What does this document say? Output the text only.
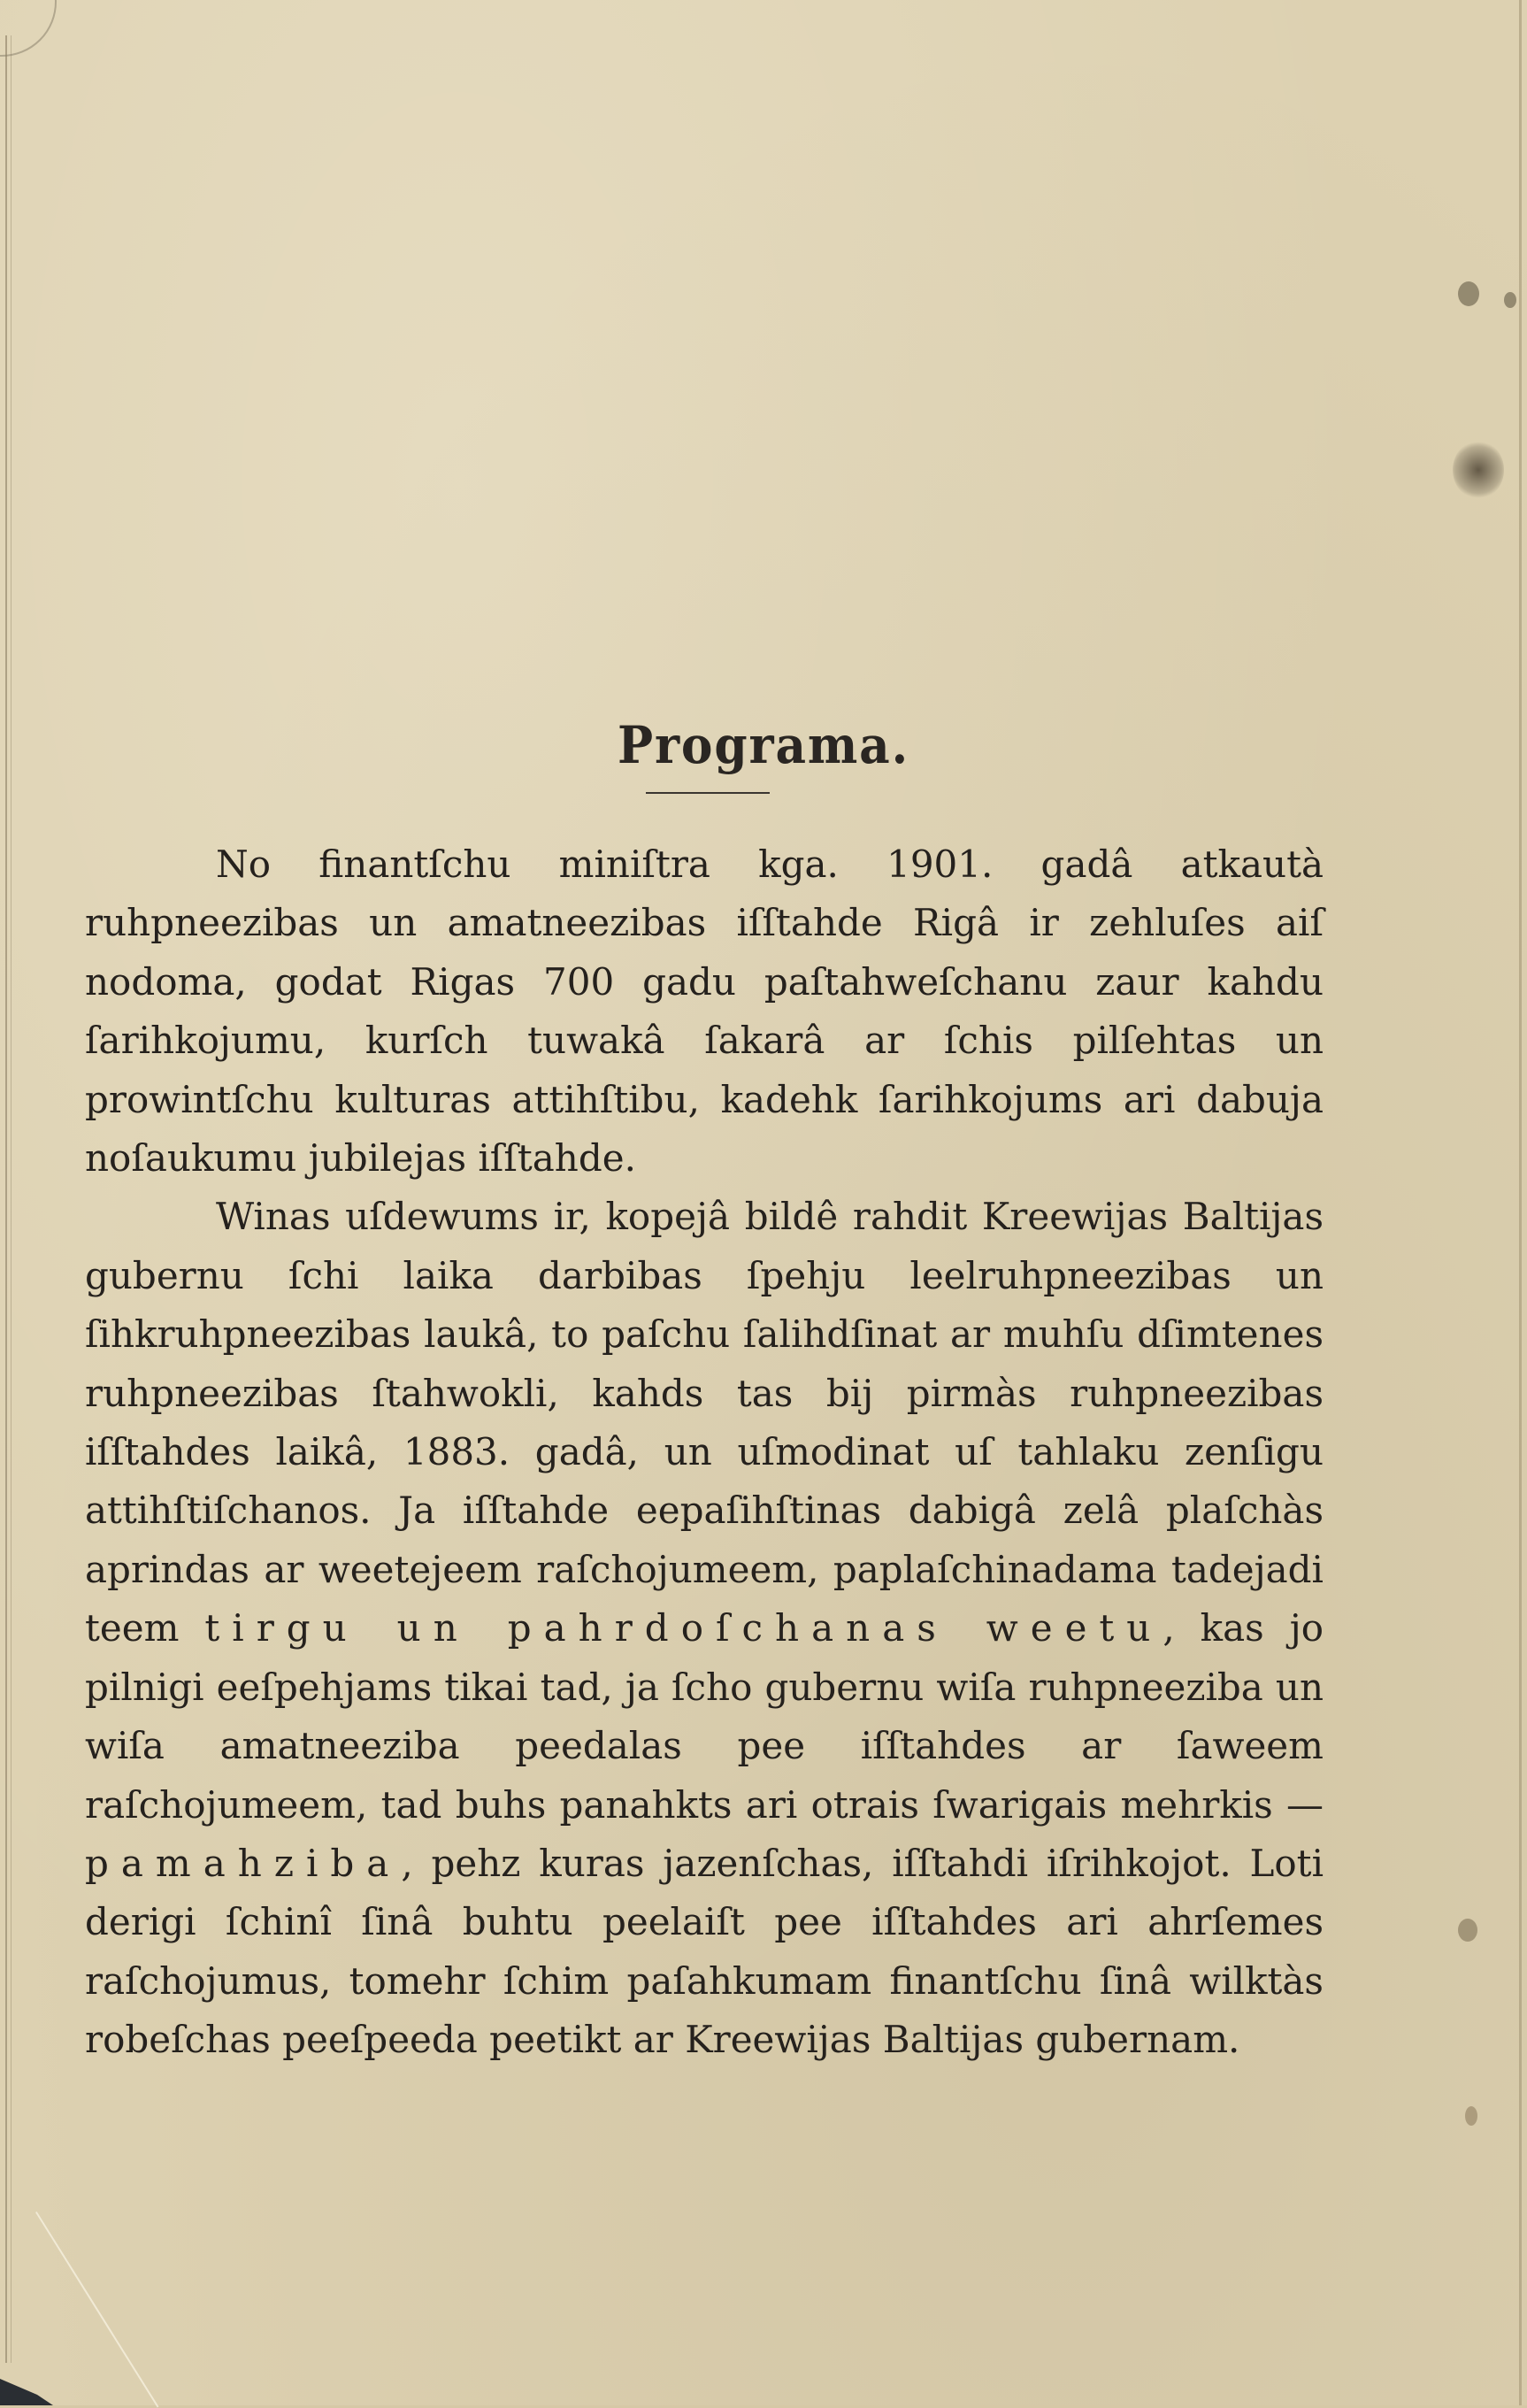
Programa.

No finantſchu miniſtra kga. 1901. gadâ atkautà ruhpneezibas un amatneezibas iſſtahde Rigâ ir zehluſes aiſ nodoma, godat Rigas 700 gadu paſtahweſchanu zaur kahdu ſarihkojumu, kurſch tuwakâ ſakarâ ar ſchis pilſehtas un prowintſchu kulturas attihſtibu, kadehk ſarihkojums ari dabuja noſaukumu jubilejas iſſtahde.

Winas uſdewums ir, kopejâ bildê rahdit Kreewijas Baltijas gubernu ſchi laika darbibas ſpehju leelruhpneezibas un ſihkruhpneezibas laukâ, to paſchu ſalihdſinat ar muhſu dſimtenes ruhpneezibas ſtahwokli, kahds tas bij pirmàs ruhpneezibas iſſtahdes laikâ, 1883. gadâ, un uſmodinat uſ tahlaku zenſigu attihſtiſchanos. Ja iſſtahde eepaſihſtinas dabigâ zelâ plaſchàs aprindas ar weetejeem raſchojumeem, paplaſchinadama tadejadi teem tirgu un pahrdoſchanas weetu, kas jo pilnigi eeſpehjams tikai tad, ja ſcho gubernu wiſa ruhpneeziba un wiſa amatneeziba peedalas pee iſſtahdes ar ſaweem raſchojumeem, tad buhs panahkts ari otrais ſwarigais mehrkis — pamahziba, pehz kuras jazenſchas, iſſtahdi iſrihkojot. Loti derigi ſchinî ſinâ buhtu peelaiſt pee iſſtahdes ari ahrſemes raſchojumus, tomehr ſchim paſahkumam finantſchu ſinâ wilktàs robeſchas peeſpeeda peetikt ar Kreewijas Baltijas gubernam.
